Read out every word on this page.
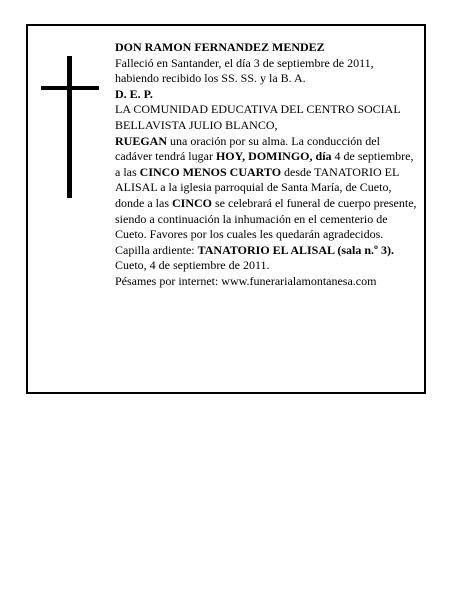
DON RAMON FERNANDEZ MENDEZ

Falleció en Santander, el día 3 de septiembre de 2011, habiendo recibido los SS. SS. y la B. A.

D. E. P.

LA COMUNIDAD EDUCATIVA DEL CENTRO SOCIAL BELLAVISTA JULIO BLANCO,

RUEGAN una oración por su alma. La conducción del cadáver tendrá lugar HOY, DOMINGO, día 4 de septiembre, a las CINCO MENOS CUARTO desde TANATORIO EL ALISAL a la iglesia parroquial de Santa María, de Cueto, donde a las CINCO se celebrará el funeral de cuerpo presente, siendo a continuación la inhumación en el cementerio de Cueto. Favores por los cuales les quedarán agradecidos.

Capilla ardiente: TANATORIO EL ALISAL (sala n.º 3).

Cueto, 4 de septiembre de 2011.

Pésames por internet: www.funerarialamontanesa.com
